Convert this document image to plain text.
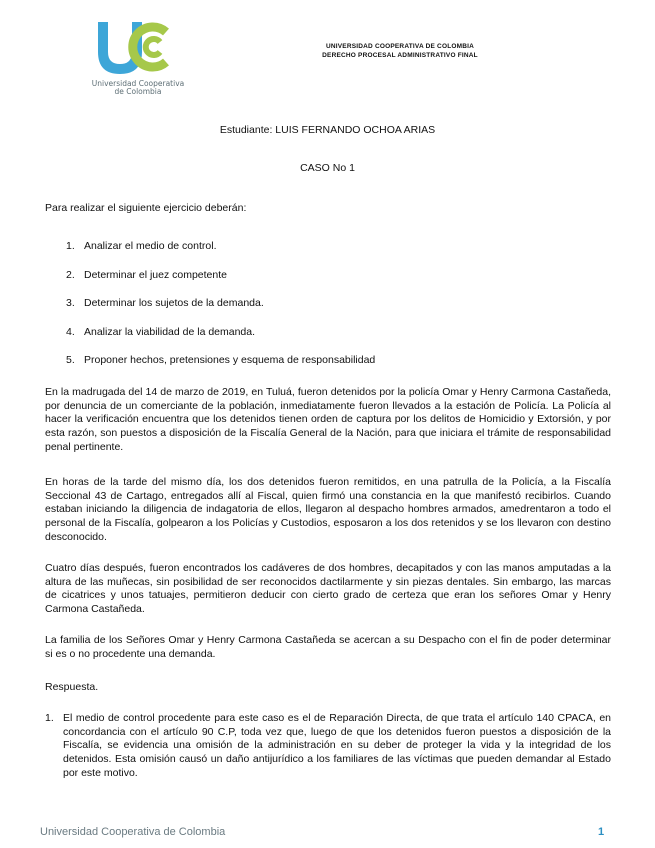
Universidad Cooperativa
de Colombia
UNIVERSIDAD COOPERATIVA DE COLOMBIA
DERECHO PROCESAL ADMINISTRATIVO FINAL
Estudiante: LUIS FERNANDO OCHOA ARIAS
CASO No 1
Para realizar el siguiente ejercicio deberán:
1. Analizar el medio de control.
2. Determinar el juez competente
3. Determinar los sujetos de la demanda.
4. Analizar la viabilidad de la demanda.
5. Proponer hechos, pretensiones y esquema de responsabilidad

En la madrugada del 14 de marzo de 2019, en Tuluá, fueron detenidos por la policía Omar y Henry Carmona Castañeda, por denuncia de un comerciante de la población, inmediatamente fueron llevados a la estación de Policía. La Policía al hacer la verificación encuentra que los detenidos tienen orden de captura por los delitos de Homicidio y Extorsión, y por esta razón, son puestos a disposición de la Fiscalía General de la Nación, para que iniciara el trámite de responsabilidad penal pertinente.

En horas de la tarde del mismo día, los dos detenidos fueron remitidos, en una patrulla de la Policía, a la Fiscalía Seccional 43 de Cartago, entregados allí al Fiscal, quien firmó una constancia en la que manifestó recibirlos. Cuando estaban iniciando la diligencia de indagatoria de ellos, llegaron al despacho hombres armados, amedrentaron a todo el personal de la Fiscalía, golpearon a los Policías y Custodios, esposaron a los dos retenidos y se los llevaron con destino desconocido.

Cuatro días después, fueron encontrados los cadáveres de dos hombres, decapitados y con las manos amputadas a la altura de las muñecas, sin posibilidad de ser reconocidos dactilarmente y sin piezas dentales. Sin embargo, las marcas de cicatrices y unos tatuajes, permitieron deducir con cierto grado de certeza que eran los señores Omar y Henry Carmona Castañeda.

La familia de los Señores Omar y Henry Carmona Castañeda se acercan a su Despacho con el fin de poder determinar si es o no procedente una demanda.

Respuesta.
1. El medio de control procedente para este caso es el de Reparación Directa, de que trata el artículo 140 CPACA, en concordancia con el artículo 90 C.P, toda vez que, luego de que los detenidos fueron puestos a disposición de la Fiscalía, se evidencia una omisión de la administración en su deber de proteger la vida y la integridad de los detenidos. Esta omisión causó un daño antijurídico a los familiares de las víctimas que pueden demandar al Estado por este motivo.
Universidad Cooperativa de Colombia	1
